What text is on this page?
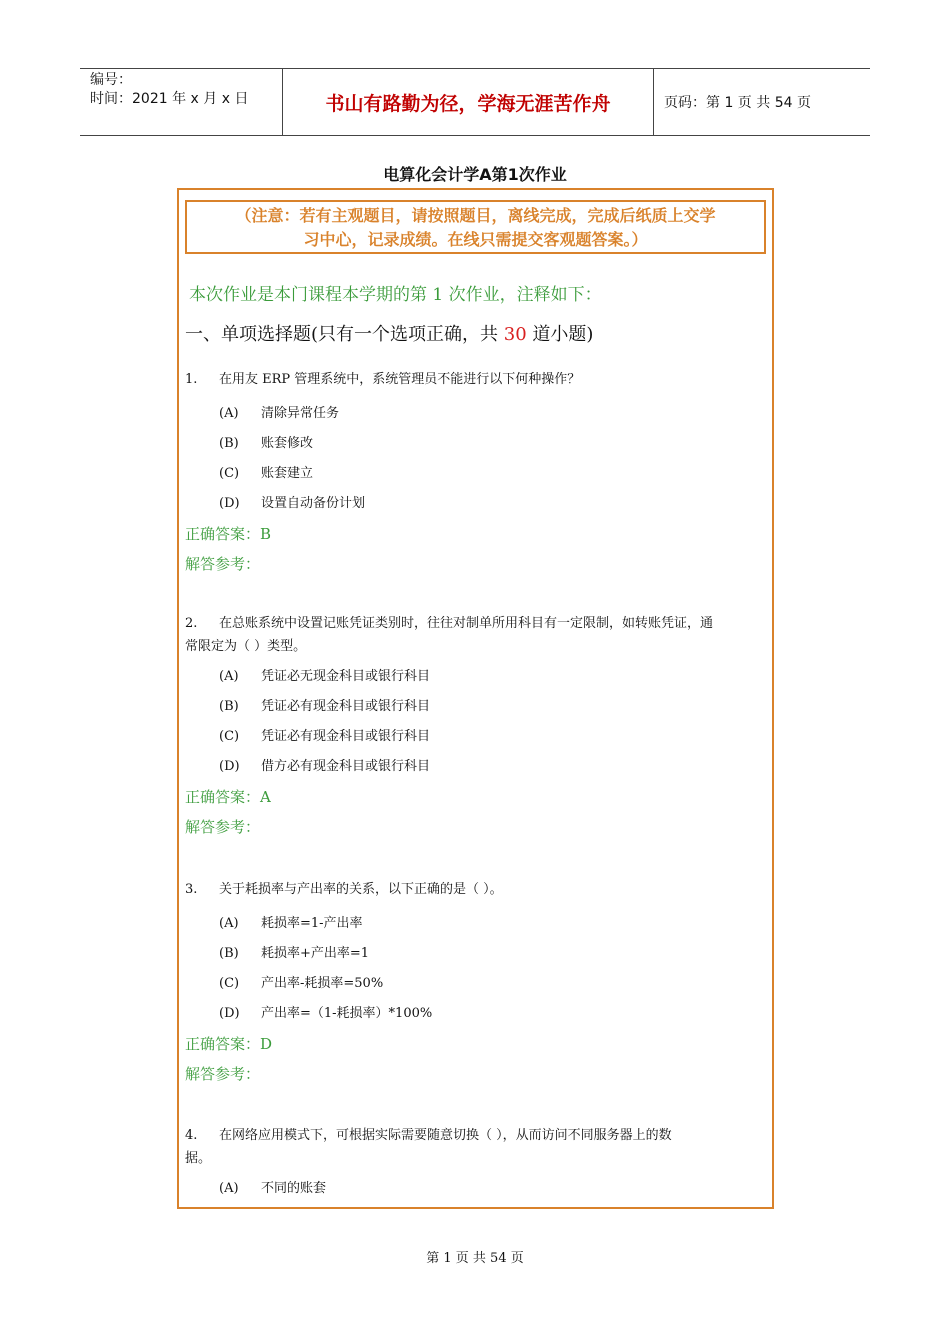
编号：
时间：2021 年 x 月 x 日	书山有路勤为径，学海无涯苦作舟	页码：第 1 页 共 54 页
电算化会计学A第1次作业
（注意：若有主观题目，请按照题目，离线完成，完成后纸质上交学
习中心，记录成绩。在线只需提交客观题答案。）
本次作业是本门课程本学期的第 1 次作业，注释如下：
一、单项选择题(只有一个选项正确，共 30 道小题)
1.	在用友 ERP 管理系统中，系统管理员不能进行以下何种操作？
(A)	清除异常任务
(B)	账套修改
(C)	账套建立
(D)	设置自动备份计划
正确答案：B
解答参考：
2.	在总账系统中设置记账凭证类别时，往往对制单所用科目有一定限制，如转账凭证，通
常限定为（ ）类型。
(A)	凭证必无现金科目或银行科目
(B)	凭证必有现金科目或银行科目
(C)	凭证必有现金科目或银行科目
(D)	借方必有现金科目或银行科目
正确答案：A
解答参考：
3.	关于耗损率与产出率的关系，以下正确的是（ ）。
(A)	耗损率=1-产出率
(B)	耗损率+产出率=1
(C)	产出率-耗损率=50%
(D)	产出率=（1-耗损率）*100%
正确答案：D
解答参考：
4.	在网络应用模式下，可根据实际需要随意切换（ ），从而访问不同服务器上的数
据。
(A)	不同的账套
第 1 页 共 54 页
